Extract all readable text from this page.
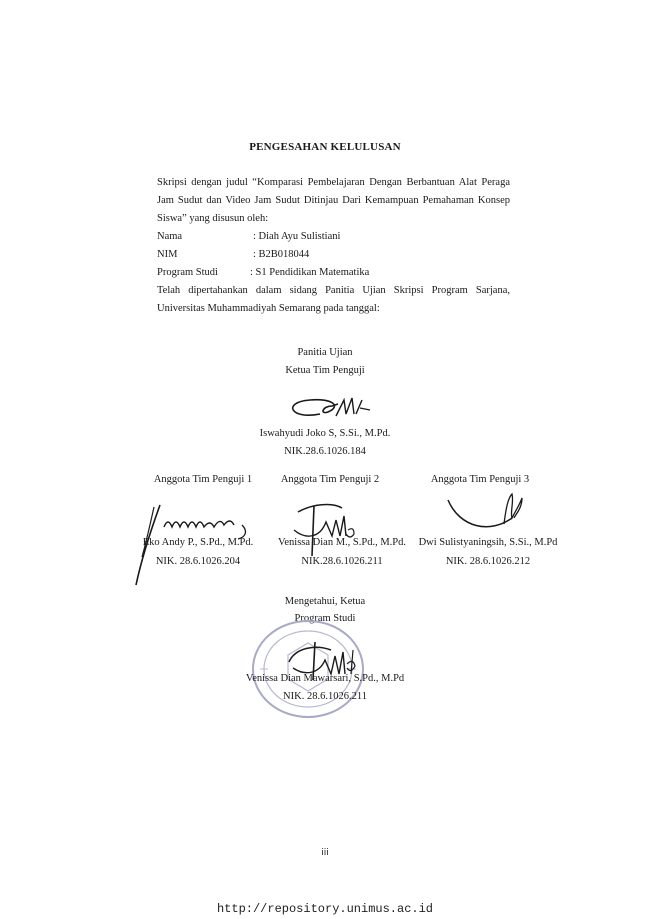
PENGESAHAN KELULUSAN

Skripsi dengan judul “Komparasi Pembelajaran Dengan Berbantuan Alat Peraga

Jam Sudut dan Video Jam Sudut Ditinjau Dari Kemampuan Pemahaman Konsep

Siswa” yang disusun oleh:

Nama	: Diah Ayu Sulistiani
NIM	: B2B018044
Program Studi	: S1 Pendidikan Matematika

Telah dipertahankan dalam sidang Panitia Ujian Skripsi Program Sarjana,

Universitas Muhammadiyah Semarang pada tanggal:

Panitia Ujian
Ketua Tim Penguji
Iswahyudi Joko S, S.Si., M.Pd.
NIK.28.6.1026.184
Anggota Tim Penguji 1	Anggota Tim Penguji 2	Anggota Tim Penguji 3
Eko Andy P., S.Pd., M.Pd.	Venissa Dian M., S.Pd., M.Pd.	Dwi Sulistyaningsih, S.Si., M.Pd
NIK. 28.6.1026.204	NIK.28.6.1026.211	NIK. 28.6.1026.212
Mengetahui, Ketua
Program Studi
Venissa Dian Mawarsari, S.Pd., M.Pd
NIK. 28.6.1026.211
iii
http://repository.unimus.ac.id
